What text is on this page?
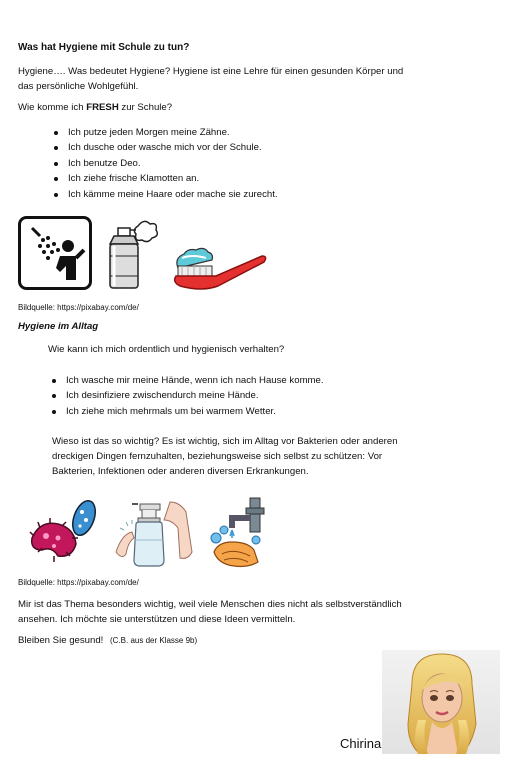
Was hat Hygiene mit Schule zu tun?
Hygiene…. Was bedeutet Hygiene? Hygiene ist eine Lehre für einen gesunden Körper und
das persönliche Wohlgefühl.
Wie komme ich FRESH zur Schule?
Ich putze jeden Morgen meine Zähne.
Ich dusche oder wasche mich vor der Schule.
Ich benutze Deo.
Ich ziehe frische Klamotten an.
Ich kämme meine Haare oder mache sie zurecht.
Bildquelle: https://pixabay.com/de/
Hygiene im Alltag
Wie kann ich mich ordentlich und hygienisch verhalten?
Ich wasche mir meine Hände, wenn ich nach Hause komme.
Ich desinfiziere zwischendurch meine Hände.
Ich ziehe mich mehrmals um bei warmem Wetter.
Wieso ist das so wichtig? Es ist wichtig, sich im Alltag vor Bakterien oder anderen
dreckigen Dingen fernzuhalten, beziehungsweise sich selbst zu schützen: Vor
Bakterien, Infektionen oder anderen diversen Erkrankungen.
Bildquelle: https://pixabay.com/de/
Mir ist das Thema besonders wichtig, weil viele Menschen dies nicht als selbstverständlich
ansehen. Ich möchte sie unterstützen und diese Ideen vermitteln.
Bleiben Sie gesund! (C.B. aus der Klasse 9b)
Chirina
